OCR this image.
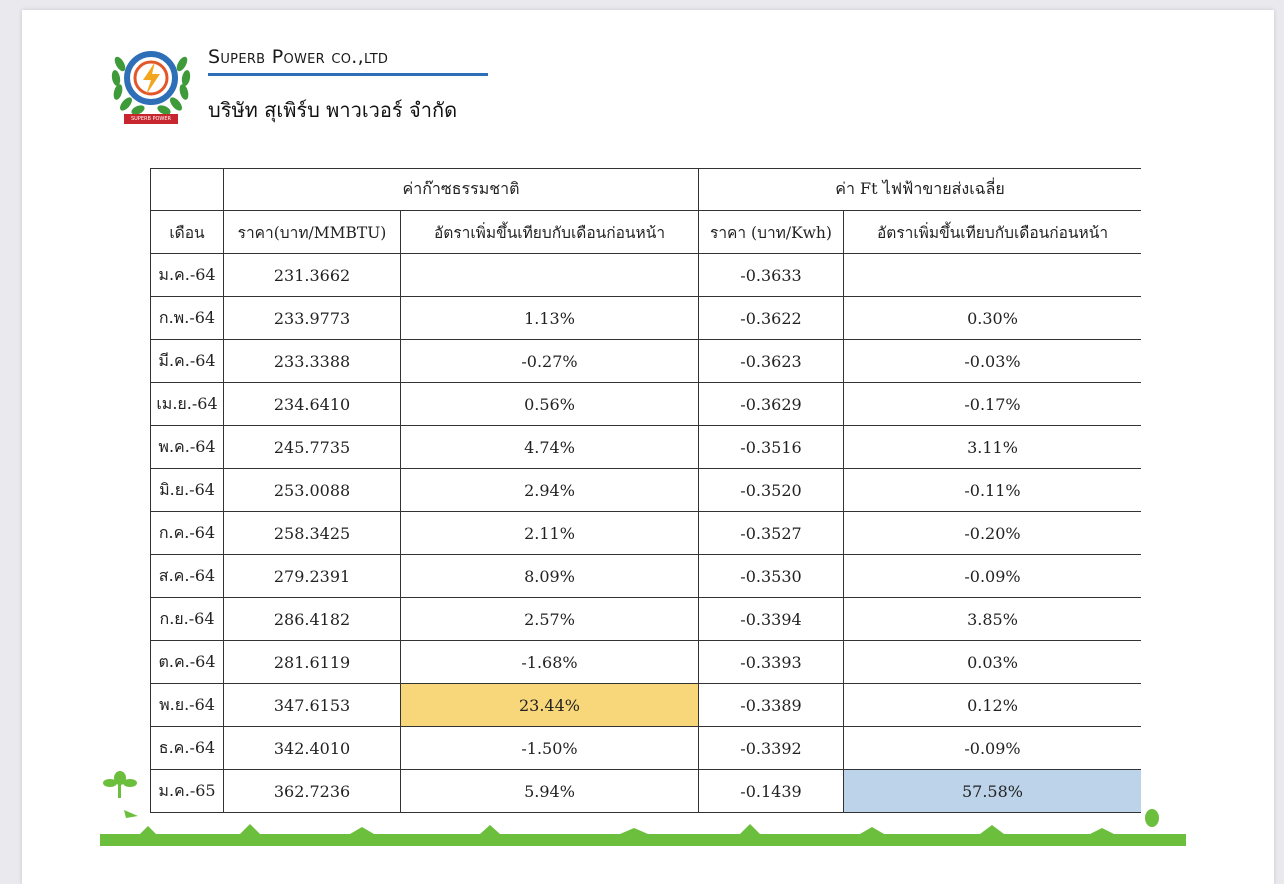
SUPERB POWER
Superb Power co.,ltd
บริษัท สุเพิร์บ พาวเวอร์ จำกัด
	ค่าก๊าซธรรมชาติ		ค่า Ft ไฟฟ้าขายส่งเฉลี่ย	
เดือน	ราคา(บาท/MMBTU)	อัตราเพิ่มขึ้นเทียบกับเดือนก่อนหน้า	ราคา (บาท/Kwh)	อัตราเพิ่มขึ้นเทียบกับเดือนก่อนหน้า
ม.ค.-64	231.3662		-0.3633	
ก.พ.-64	233.9773	1.13%	-0.3622	0.30%
มี.ค.-64	233.3388	-0.27%	-0.3623	-0.03%
เม.ย.-64	234.6410	0.56%	-0.3629	-0.17%
พ.ค.-64	245.7735	4.74%	-0.3516	3.11%
มิ.ย.-64	253.0088	2.94%	-0.3520	-0.11%
ก.ค.-64	258.3425	2.11%	-0.3527	-0.20%
ส.ค.-64	279.2391	8.09%	-0.3530	-0.09%
ก.ย.-64	286.4182	2.57%	-0.3394	3.85%
ต.ค.-64	281.6119	-1.68%	-0.3393	0.03%
พ.ย.-64	347.6153	23.44%	-0.3389	0.12%
ธ.ค.-64	342.4010	-1.50%	-0.3392	-0.09%
ม.ค.-65	362.7236	5.94%	-0.1439	57.58%
